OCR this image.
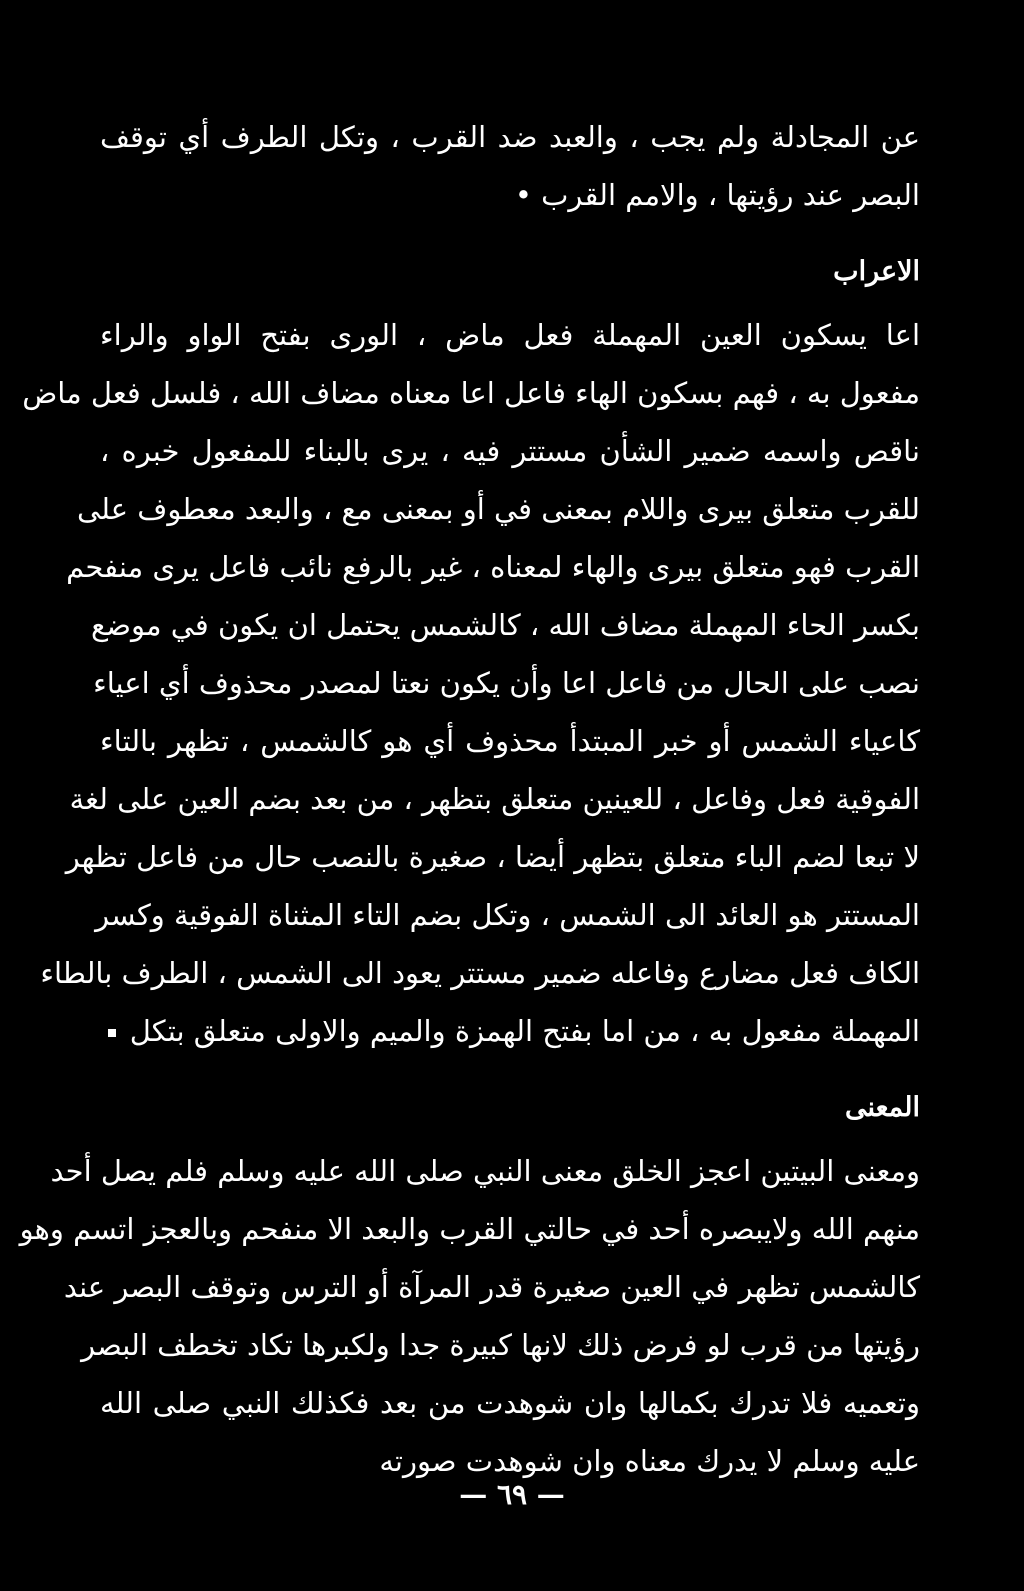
عن المجادلة ولم يجب ، والعبد ضد القرب ، وتكل الطرف أي توقف

البصر عند رؤيتها ، والامم القرب •

الاعراب

اعا يسكون العين المهملة فعل ماض ، الورى بفتح الواو والراء

مفعول به ، فهم بسكون الهاء فاعل اعا معناه مضاف الله ، فلسل فعل ماض

ناقص واسمه ضمير الشأن مستتر فيه ، يرى بالبناء للمفعول خبره ،

للقرب متعلق بيرى واللام بمعنى في أو بمعنى مع ، والبعد معطوف على

القرب فهو متعلق بيرى والهاء لمعناه ، غير بالرفع نائب فاعل يرى منفحم

بكسر الحاء المهملة مضاف الله ، كالشمس يحتمل ان يكون في موضع

نصب على الحال من فاعل اعا وأن يكون نعتا لمصدر محذوف أي اعياء

كاعياء الشمس أو خبر المبتدأ محذوف أي هو كالشمس ، تظهر بالتاء

الفوقية فعل وفاعل ، للعينين متعلق بتظهر ، من بعد بضم العين على لغة

لا تبعا لضم الباء متعلق بتظهر أيضا ، صغيرة بالنصب حال من فاعل تظهر

المستتر هو العائد الى الشمس ، وتكل بضم التاء المثناة الفوقية وكسر

الكاف فعل مضارع وفاعله ضمير مستتر يعود الى الشمس ، الطرف بالطاء

المهملة مفعول به ، من اما بفتح الهمزة والميم والاولى متعلق بتكل

المعنى

ومعنى البيتين اعجز الخلق معنى النبي صلى الله عليه وسلم فلم يصل أحد

منهم الله ولايبصره أحد في حالتي القرب والبعد الا منفحم وبالعجز اتسم وهو

كالشمس تظهر في العين صغيرة قدر المرآة أو الترس وتوقف البصر عند

رؤيتها من قرب لو فرض ذلك لانها كبيرة جدا ولكبرها تكاد تخطف البصر

وتعميه فلا تدرك بكمالها وان شوهدت من بعد فكذلك النبي صلى الله

عليه وسلم لا يدرك معناه وان شوهدت صورته

— ٦٩ —
